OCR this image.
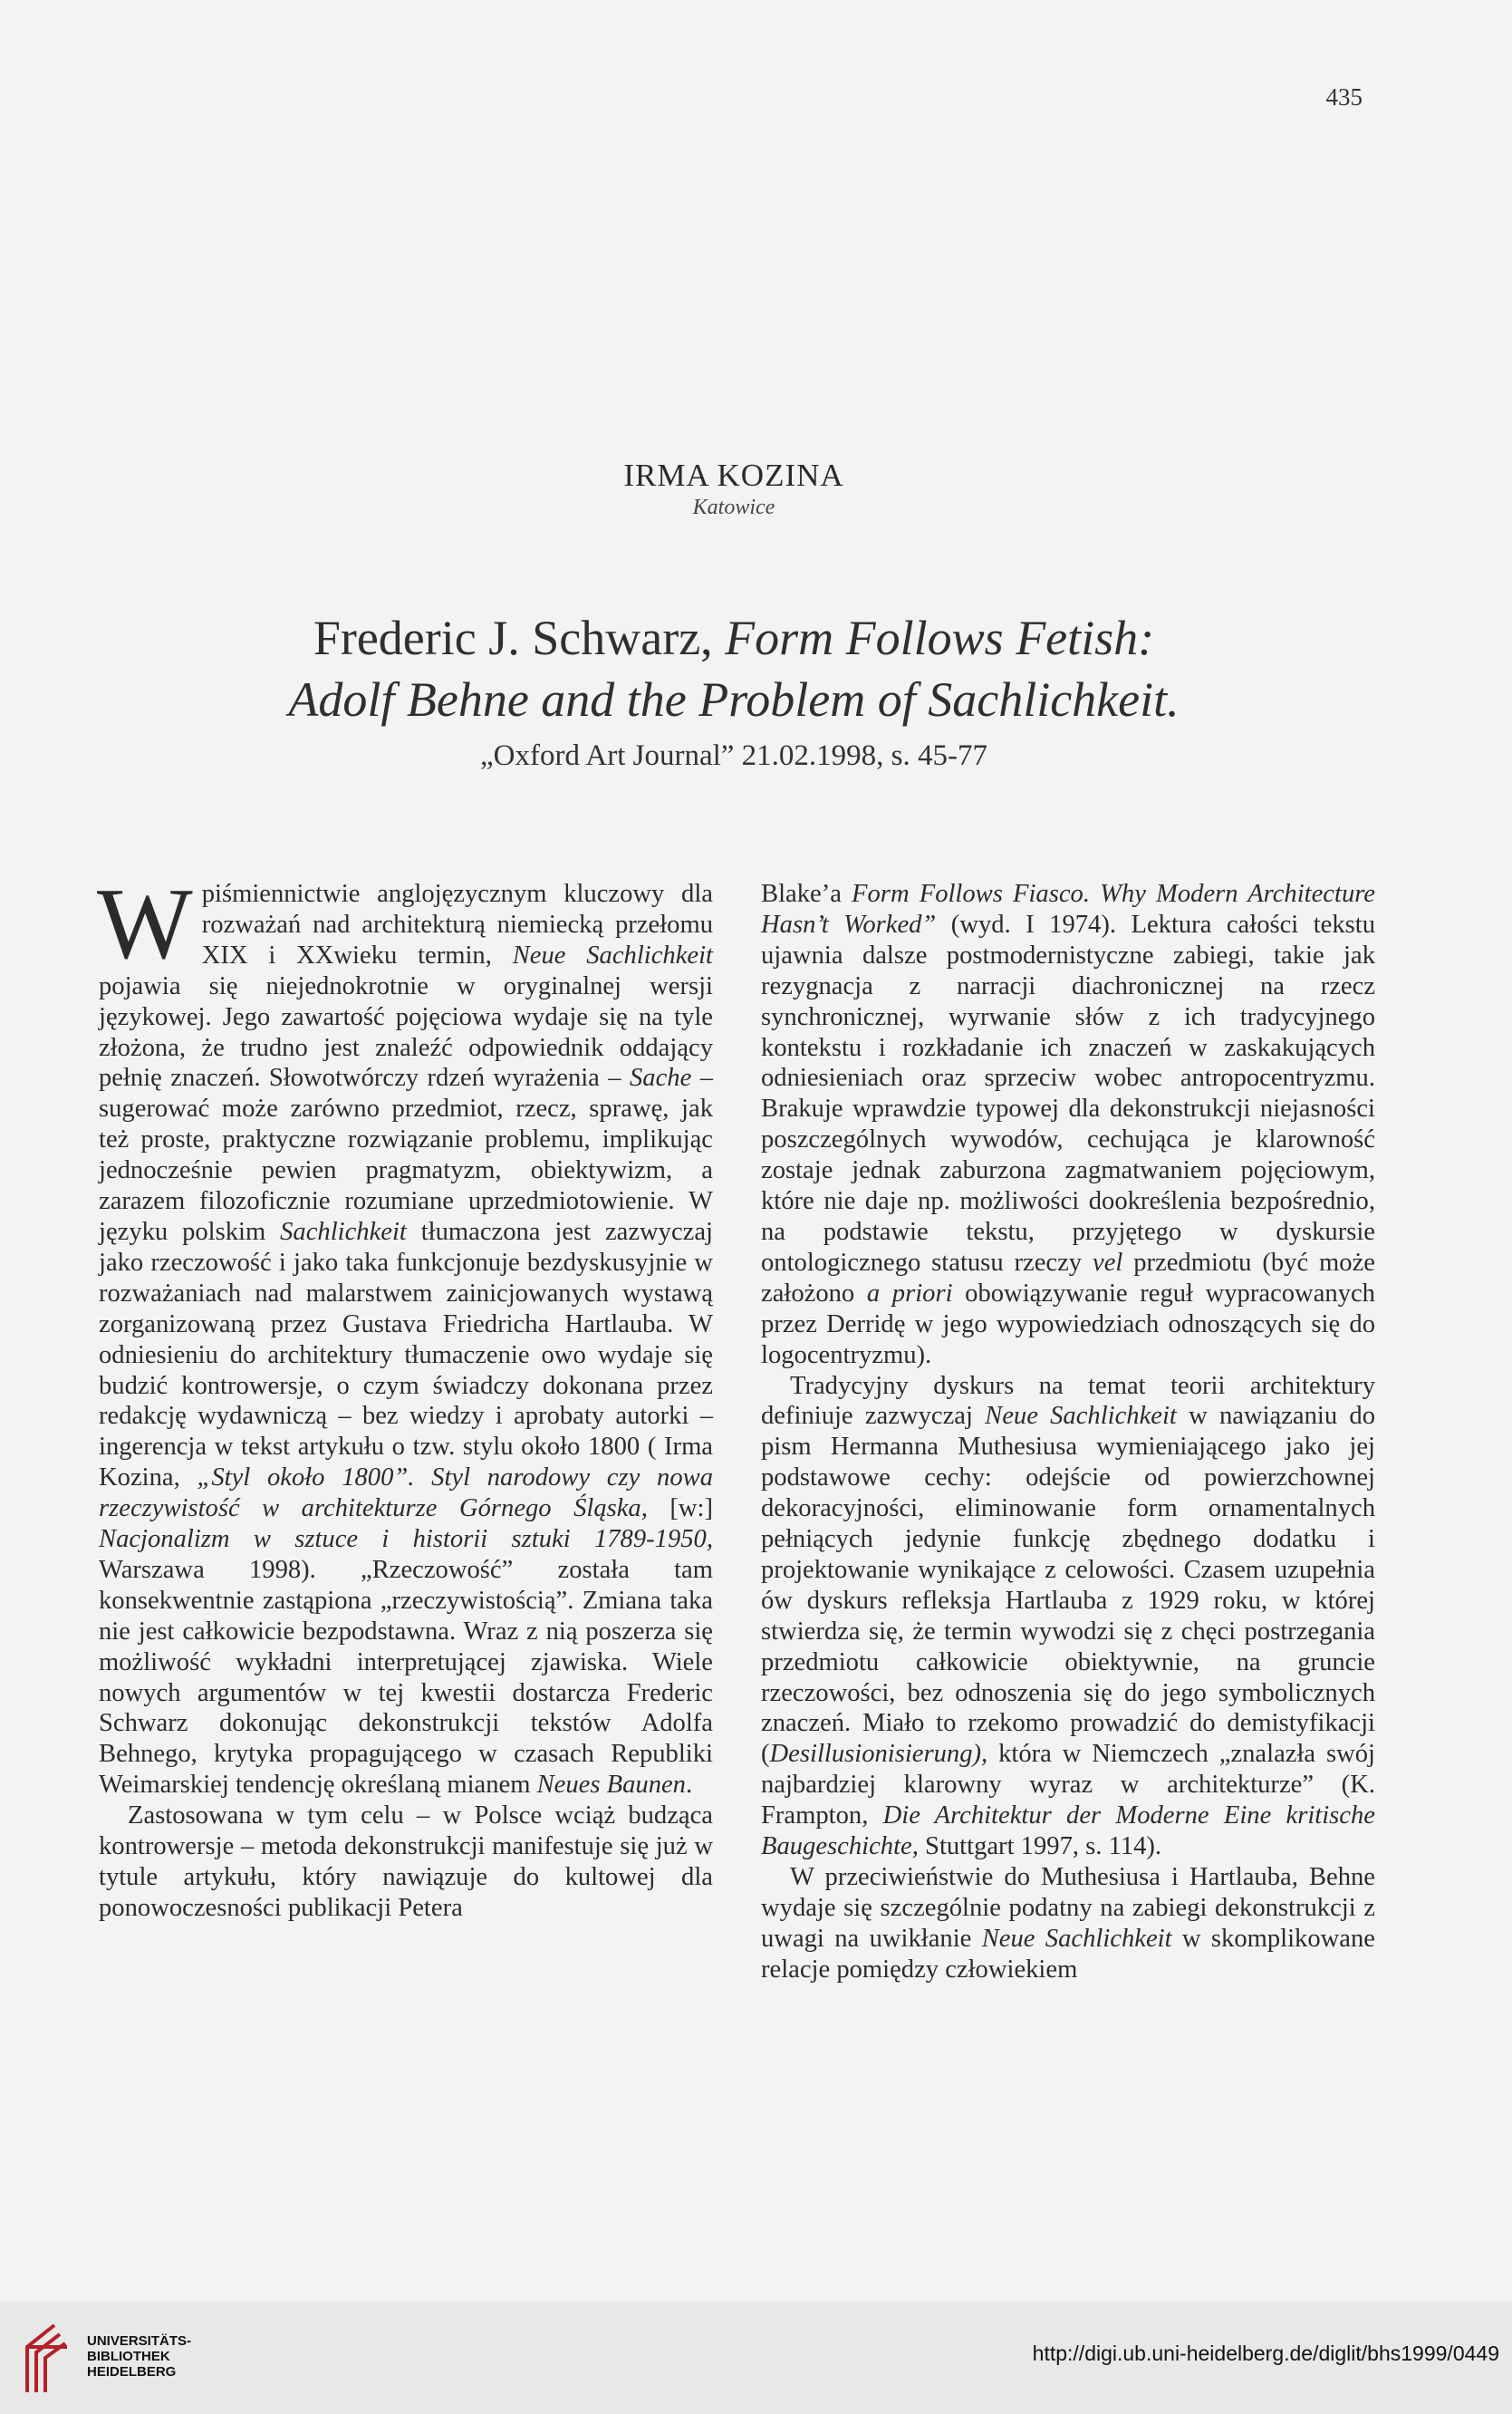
435
IRMA KOZINA
Katowice
Frederic J. Schwarz, Form Follows Fetish:
Adolf Behne and the Problem of Sachlichkeit.
„Oxford Art Journal” 21.02.1998, s. 45-77

W piśmiennictwie anglojęzycznym kluczowy dla rozważań nad architekturą niemiecką przełomu XIX i XXwieku termin, Neue Sachlichkeit pojawia się niejednokrotnie w oryginalnej wersji językowej. Jego zawartość pojęciowa wydaje się na tyle złożona, że trudno jest znaleźć odpowiednik oddający pełnię znaczeń. Słowotwórczy rdzeń wyrażenia – Sache – sugerować może zarówno przedmiot, rzecz, sprawę, jak też proste, praktyczne rozwiązanie problemu, implikując jednocześnie pewien pragmatyzm, obiektywizm, a zarazem filozoficznie rozumiane uprzedmiotowienie. W języku polskim Sachlichkeit tłumaczona jest zazwyczaj jako rzeczowość i jako taka funkcjonuje bezdyskusyjnie w rozważaniach nad malarstwem zainicjowanych wystawą zorganizowaną przez Gustava Friedricha Hartlauba. W odniesieniu do architektury tłumaczenie owo wydaje się budzić kontrowersje, o czym świadczy dokonana przez redakcję wydawniczą – bez wiedzy i aprobaty autorki – ingerencja w tekst artykułu o tzw. stylu około 1800 ( Irma Kozina, „Styl około 1800”. Styl narodowy czy nowa rzeczywistość w architekturze Górnego Śląska, [w:] Nacjonalizm w sztuce i historii sztuki 1789-1950, Warszawa 1998). „Rzeczowość” została tam konsekwentnie zastąpiona „rzeczywistością”. Zmiana taka nie jest całkowicie bezpodstawna. Wraz z nią poszerza się możliwość wykładni interpretującej zjawiska. Wiele nowych argumentów w tej kwestii dostarcza Frederic Schwarz dokonując dekonstrukcji tekstów Adolfa Behnego, krytyka propagującego w czasach Republiki Weimarskiej tendencję określaną mianem Neues Baunen.

Zastosowana w tym celu – w Polsce wciąż budząca kontrowersje – metoda dekonstrukcji manifestuje się już w tytule artykułu, który nawiązuje do kultowej dla ponowoczesności publikacji Petera

Blake’a Form Follows Fiasco. Why Modern Architecture Hasn’t Worked” (wyd. I 1974). Lektura całości tekstu ujawnia dalsze postmodernistyczne zabiegi, takie jak rezygnacja z narracji diachronicznej na rzecz synchronicznej, wyrwanie słów z ich tradycyjnego kontekstu i rozkładanie ich znaczeń w zaskakujących odniesieniach oraz sprzeciw wobec antropocentryzmu. Brakuje wprawdzie typowej dla dekonstrukcji niejasności poszczególnych wywodów, cechująca je klarowność zostaje jednak zaburzona zagmatwaniem pojęciowym, które nie daje np. możliwości dookreślenia bezpośrednio, na podstawie tekstu, przyjętego w dyskursie ontologicznego statusu rzeczy vel przedmiotu (być może założono a priori obowiązywanie reguł wypracowanych przez Derridę w jego wypowiedziach odnoszących się do logocentryzmu).

Tradycyjny dyskurs na temat teorii architektury definiuje zazwyczaj Neue Sachlichkeit w nawiązaniu do pism Hermanna Muthesiusa wymieniającego jako jej podstawowe cechy: odejście od powierzchownej dekoracyjności, eliminowanie form ornamentalnych pełniących jedynie funkcję zbędnego dodatku i projektowanie wynikające z celowości. Czasem uzupełnia ów dyskurs refleksja Hartlauba z 1929 roku, w której stwierdza się, że termin wywodzi się z chęci postrzegania przedmiotu całkowicie obiektywnie, na gruncie rzeczowości, bez odnoszenia się do jego symbolicznych znaczeń. Miało to rzekomo prowadzić do demistyfikacji (Desillusionisierung), która w Niemczech „znalazła swój najbardziej klarowny wyraz w architekturze” (K. Frampton, Die Architektur der Moderne Eine kritische Baugeschichte, Stuttgart 1997, s. 114).

W przeciwieństwie do Muthesiusa i Hartlauba, Behne wydaje się szczególnie podatny na zabiegi dekonstrukcji z uwagi na uwikłanie Neue Sachlichkeit w skomplikowane relacje pomiędzy człowiekiem

UNIVERSITÄTS-
BIBLIOTHEK
HEIDELBERG
http://digi.ub.uni-heidelberg.de/diglit/bhs1999/0449
